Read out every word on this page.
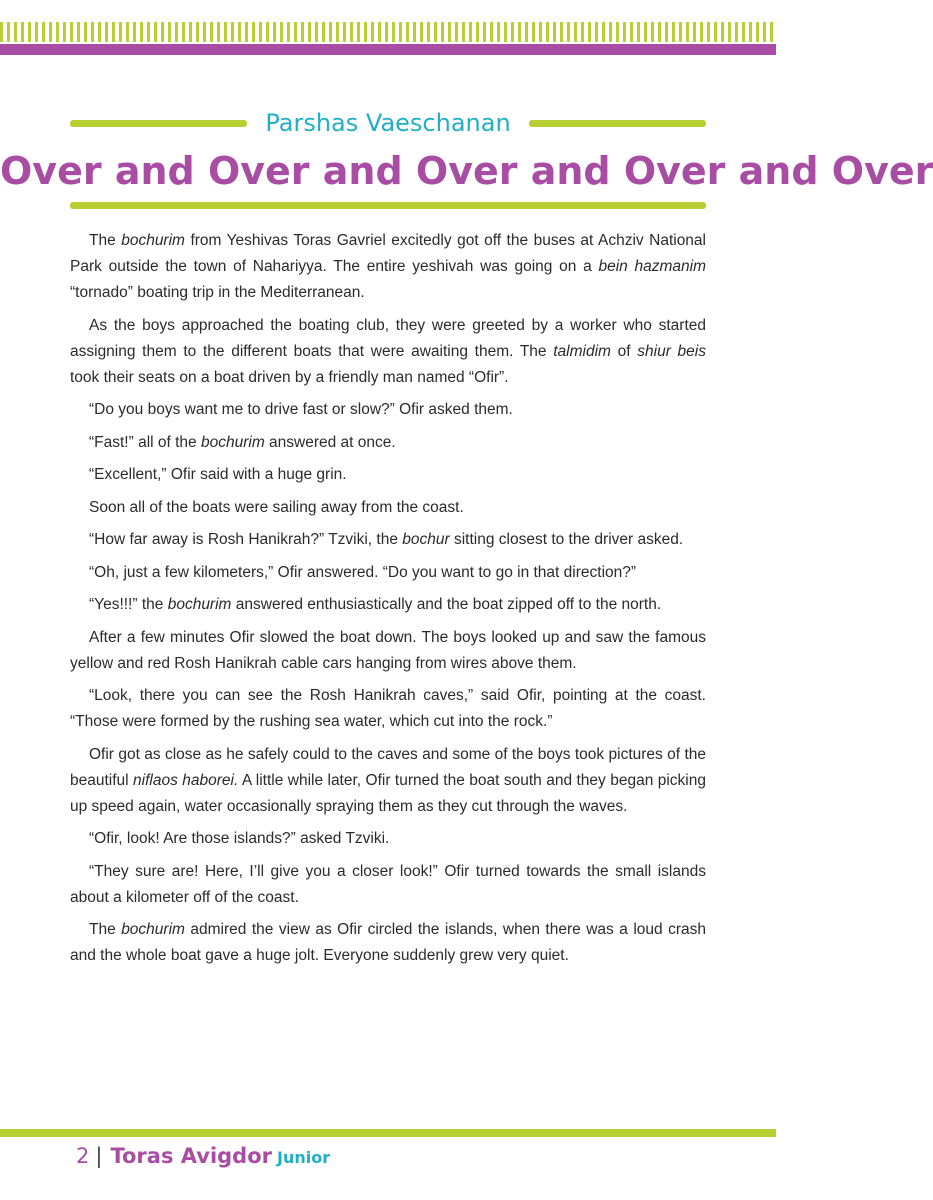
Parshas Vaeschanan
Over and Over and Over and Over and Over

The bochurim from Yeshivas Toras Gavriel excitedly got off the buses at Achziv National Park outside the town of Nahariyya. The entire yeshivah was going on a bein hazmanim “tornado” boating trip in the Mediterranean.

As the boys approached the boating club, they were greeted by a worker who started assigning them to the different boats that were awaiting them. The talmidim of shiur beis took their seats on a boat driven by a friendly man named “Ofir”.

“Do you boys want me to drive fast or slow?” Ofir asked them.

“Fast!” all of the bochurim answered at once.

“Excellent,” Ofir said with a huge grin.

Soon all of the boats were sailing away from the coast.

“How far away is Rosh Hanikrah?” Tzviki, the bochur sitting closest to the driver asked.

“Oh, just a few kilometers,” Ofir answered. “Do you want to go in that direction?”

“Yes!!!” the bochurim answered enthusiastically and the boat zipped off to the north.

After a few minutes Ofir slowed the boat down. The boys looked up and saw the famous yellow and red Rosh Hanikrah cable cars hanging from wires above them.

“Look, there you can see the Rosh Hanikrah caves,” said Ofir, pointing at the coast. “Those were formed by the rushing sea water, which cut into the rock.”

Ofir got as close as he safely could to the caves and some of the boys took pictures of the beautiful niflaos haborei. A little while later, Ofir turned the boat south and they began picking up speed again, water occasionally spraying them as they cut through the waves.

“Ofir, look! Are those islands?” asked Tzviki.

“They sure are! Here, I’ll give you a closer look!” Ofir turned towards the small islands about a kilometer off of the coast.

The bochurim admired the view as Ofir circled the islands, when there was a loud crash and the whole boat gave a huge jolt. Everyone suddenly grew very quiet.

2 | Toras Avigdor Junior
